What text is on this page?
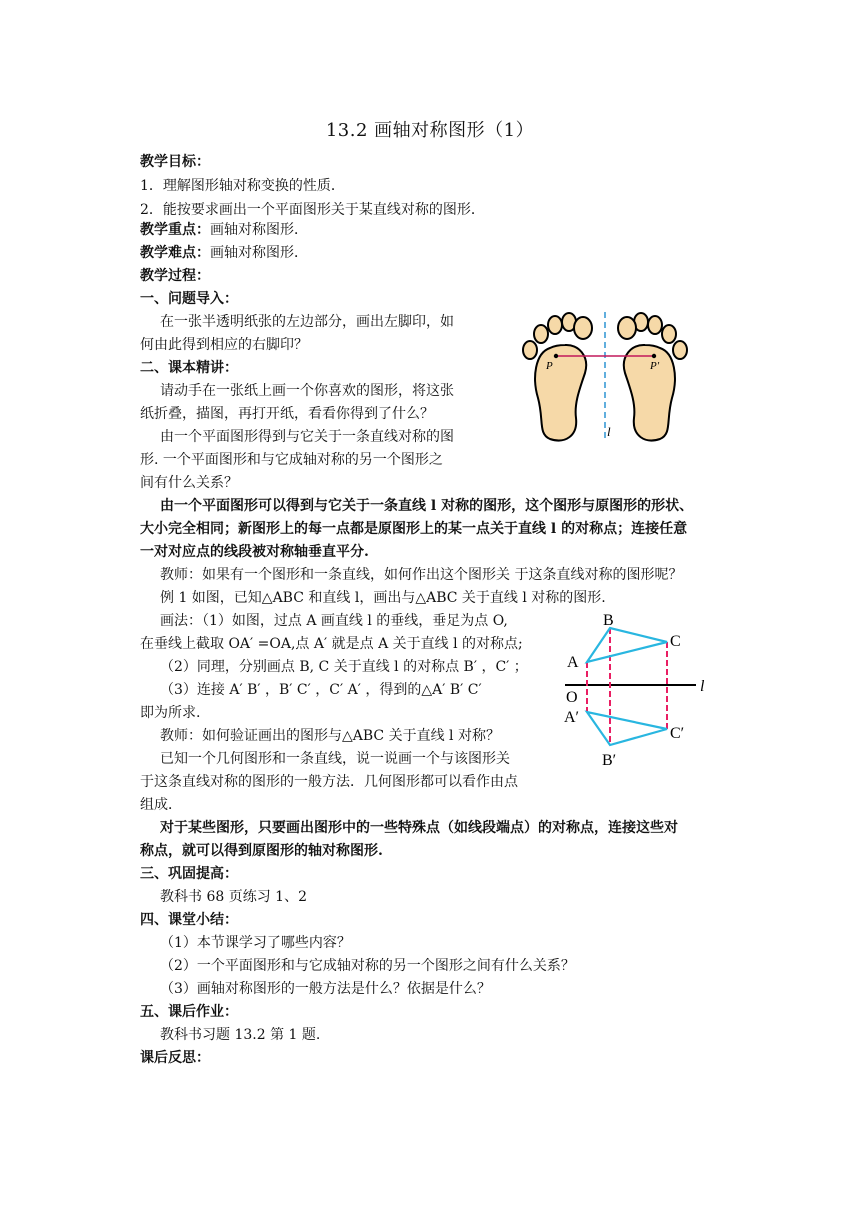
13.2 画轴对称图形（1）
教学目标：
1．理解图形轴对称变换的性质．
2．能按要求画出一个平面图形关于某直线对称的图形．
教学重点：画轴对称图形．
教学难点：画轴对称图形．
教学过程：
一、问题导入：
在一张半透明纸张的左边部分，画出左脚印，如
何由此得到相应的右脚印？
二、课本精讲：
请动手在一张纸上画一个你喜欢的图形，将这张
纸折叠，描图，再打开纸，看看你得到了什么？
由一个平面图形得到与它关于一条直线对称的图
形. 一个平面图形和与它成轴对称的另一个图形之
间有什么关系？
由一个平面图形可以得到与它关于一条直线 l 对称的图形，这个图形与原图形的形状、
大小完全相同；新图形上的每一点都是原图形上的某一点关于直线 l 的对称点；连接任意
一对对应点的线段被对称轴垂直平分.
教师：如果有一个图形和一条直线，如何作出这个图形关 于这条直线对称的图形呢？
例 1 如图，已知△ABC 和直线 l，画出与△ABC 关于直线 l 对称的图形.
画法：（1）如图，过点 A 画直线 l 的垂线，垂足为点 O,
在垂线上截取 OA′ =OA,点 A′ 就是点 A 关于直线 l 的对称点;
（2）同理，分别画点 B, C 关于直线 l 的对称点 B′ ，C′ ；
（3）连接 A′ B′ ，B′ C′ ，C′ A′ ，得到的△A′ B′ C′
即为所求.
教师：如何验证画出的图形与△ABC 关于直线 l 对称？
已知一个几何图形和一条直线，说一说画一个与该图形关
于这条直线对称的图形的一般方法．几何图形都可以看作由点
组成．
对于某些图形，只要画出图形中的一些特殊点（如线段端点）的对称点，连接这些对
称点，就可以得到原图形的轴对称图形.
三、巩固提高：
教科书 68 页练习 1、2
四、课堂小结：
（1）本节课学习了哪些内容？
（2）一个平面图形和与它成轴对称的另一个图形之间有什么关系？
（3）画轴对称图形的一般方法是什么？依据是什么？
五、课后作业：
教科书习题 13.2 第 1 题.
课后反思：
P	P′
l
A
B
C
O
l
A′
B′
C′
